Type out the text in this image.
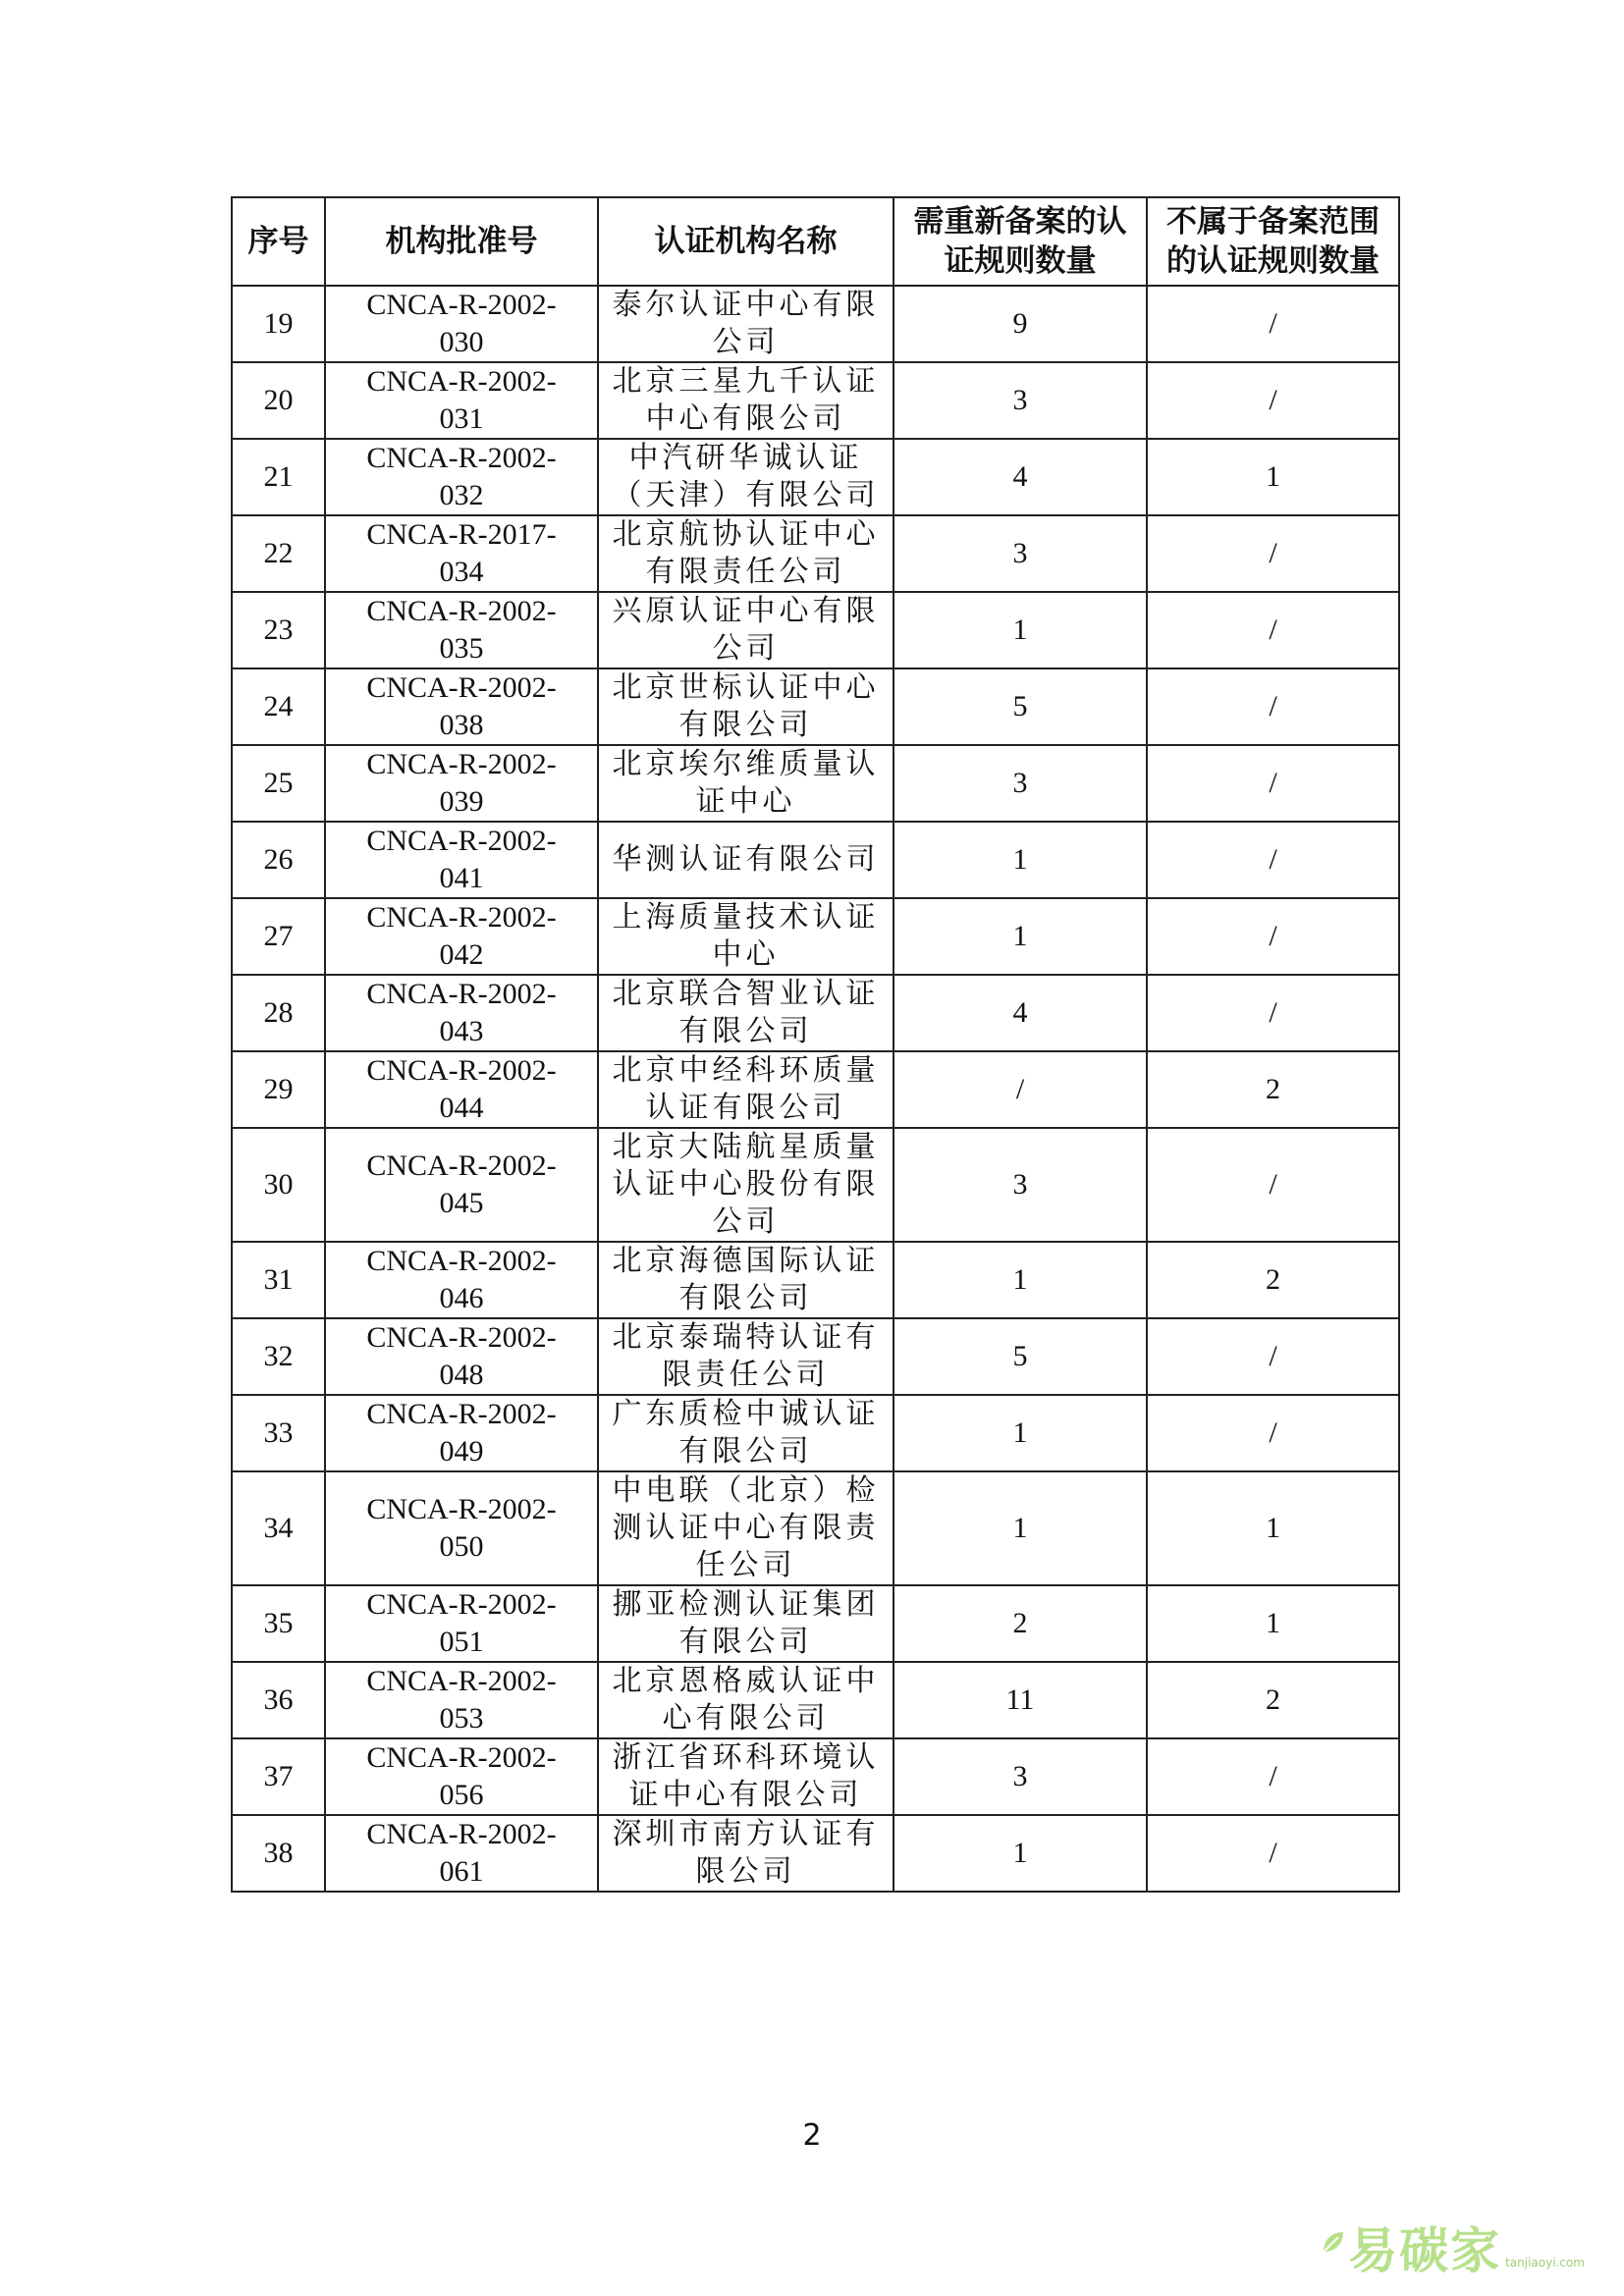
序号	机构批准号	认证机构名称	需重新备案的认证规则数量	不属于备案范围的认证规则数量
19	CNCA-R-2002-030	泰尔认证中心有限公司	9	/
20	CNCA-R-2002-031	北京三星九千认证中心有限公司	3	/
21	CNCA-R-2002-032	中汽研华诚认证（天津）有限公司	4	1
22	CNCA-R-2017-034	北京航协认证中心有限责任公司	3	/
23	CNCA-R-2002-035	兴原认证中心有限公司	1	/
24	CNCA-R-2002-038	北京世标认证中心有限公司	5	/
25	CNCA-R-2002-039	北京埃尔维质量认证中心	3	/
26	CNCA-R-2002-041	华测认证有限公司	1	/
27	CNCA-R-2002-042	上海质量技术认证中心	1	/
28	CNCA-R-2002-043	北京联合智业认证有限公司	4	/
29	CNCA-R-2002-044	北京中经科环质量认证有限公司	/	2
30	CNCA-R-2002-045	北京大陆航星质量认证中心股份有限公司	3	/
31	CNCA-R-2002-046	北京海德国际认证有限公司	1	2
32	CNCA-R-2002-048	北京泰瑞特认证有限责任公司	5	/
33	CNCA-R-2002-049	广东质检中诚认证有限公司	1	/
34	CNCA-R-2002-050	中电联（北京）检测认证中心有限责任公司	1	1
35	CNCA-R-2002-051	挪亚检测认证集团有限公司	2	1
36	CNCA-R-2002-053	北京恩格威认证中心有限公司	11	2
37	CNCA-R-2002-056	浙江省环科环境认证中心有限公司	3	/
38	CNCA-R-2002-061	深圳市南方认证有限公司	1	/
2
易碳家 tanjiaoyi.com
